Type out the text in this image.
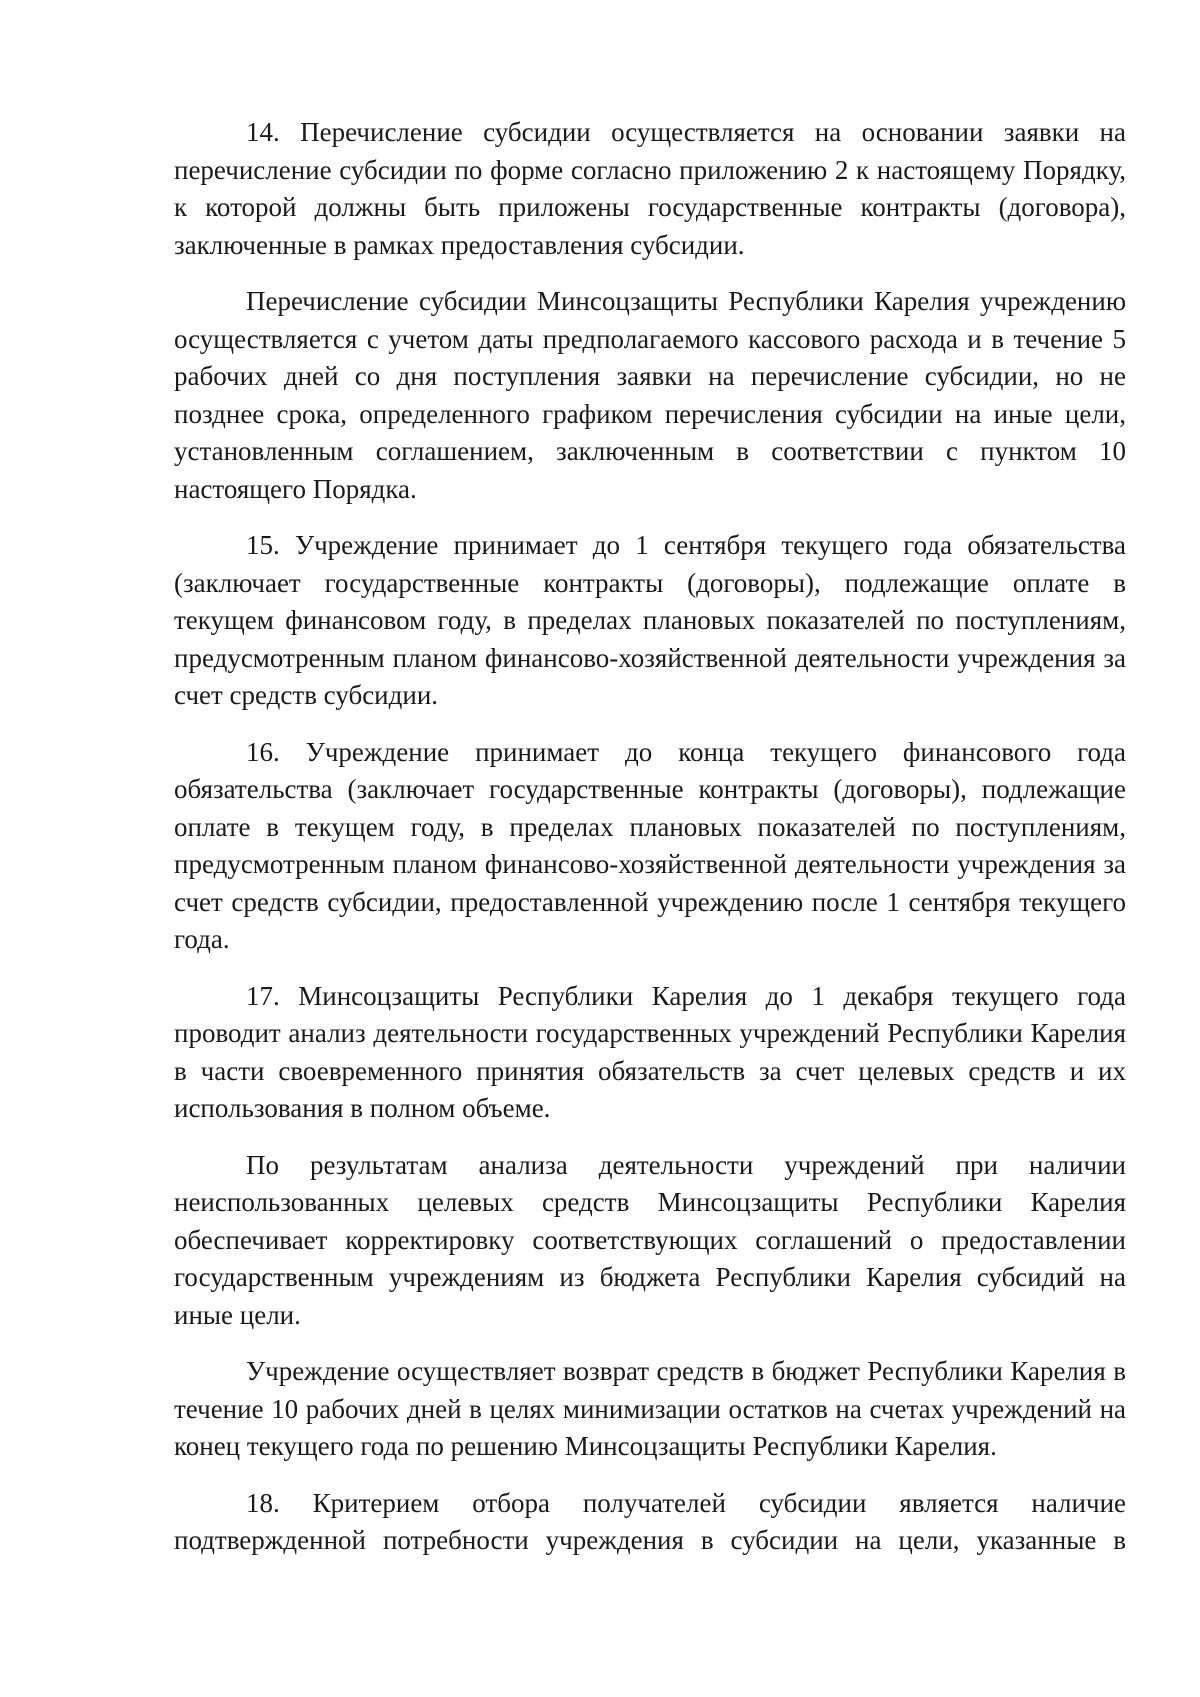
14. Перечисление субсидии осуществляется на основании заявки на перечисление субсидии по форме согласно приложению 2 к настоящему Порядку, к которой должны быть приложены государственные контракты (договора), заключенные в рамках предоставления субсидии.

Перечисление субсидии Минсоцзащиты Республики Карелия учреждению осуществляется с учетом даты предполагаемого кассового расхода и в течение 5 рабочих дней со дня поступления заявки на перечисление субсидии, но не позднее срока, определенного графиком перечисления субсидии на иные цели, установленным соглашением, заключенным в соответствии с пунктом 10 настоящего Порядка.

15. Учреждение принимает до 1 сентября текущего года обязательства (заключает государственные контракты (договоры), подлежащие оплате в текущем финансовом году, в пределах плановых показателей по поступлениям, предусмотренным планом финансово-хозяйственной деятельности учреждения за счет средств субсидии.

16. Учреждение принимает до конца текущего финансового года обязательства (заключает государственные контракты (договоры), подлежащие оплате в текущем году, в пределах плановых показателей по поступлениям, предусмотренным планом финансово-хозяйственной деятельности учреждения за счет средств субсидии, предоставленной учреждению после 1 сентября текущего года.

17. Минсоцзащиты Республики Карелия до 1 декабря текущего года проводит анализ деятельности государственных учреждений Республики Карелия в части своевременного принятия обязательств за счет целевых средств и их использования в полном объеме.

По результатам анализа деятельности учреждений при наличии неиспользованных целевых средств Минсоцзащиты Республики Карелия обеспечивает корректировку соответствующих соглашений о предоставлении государственным учреждениям из бюджета Республики Карелия субсидий на иные цели.

Учреждение осуществляет возврат средств в бюджет Республики Карелия в течение 10 рабочих дней в целях минимизации остатков на счетах учреждений на конец текущего года по решению Минсоцзащиты Республики Карелия.

18. Критерием отбора получателей субсидии является наличие подтвержденной потребности учреждения в субсидии на цели, указанные в
